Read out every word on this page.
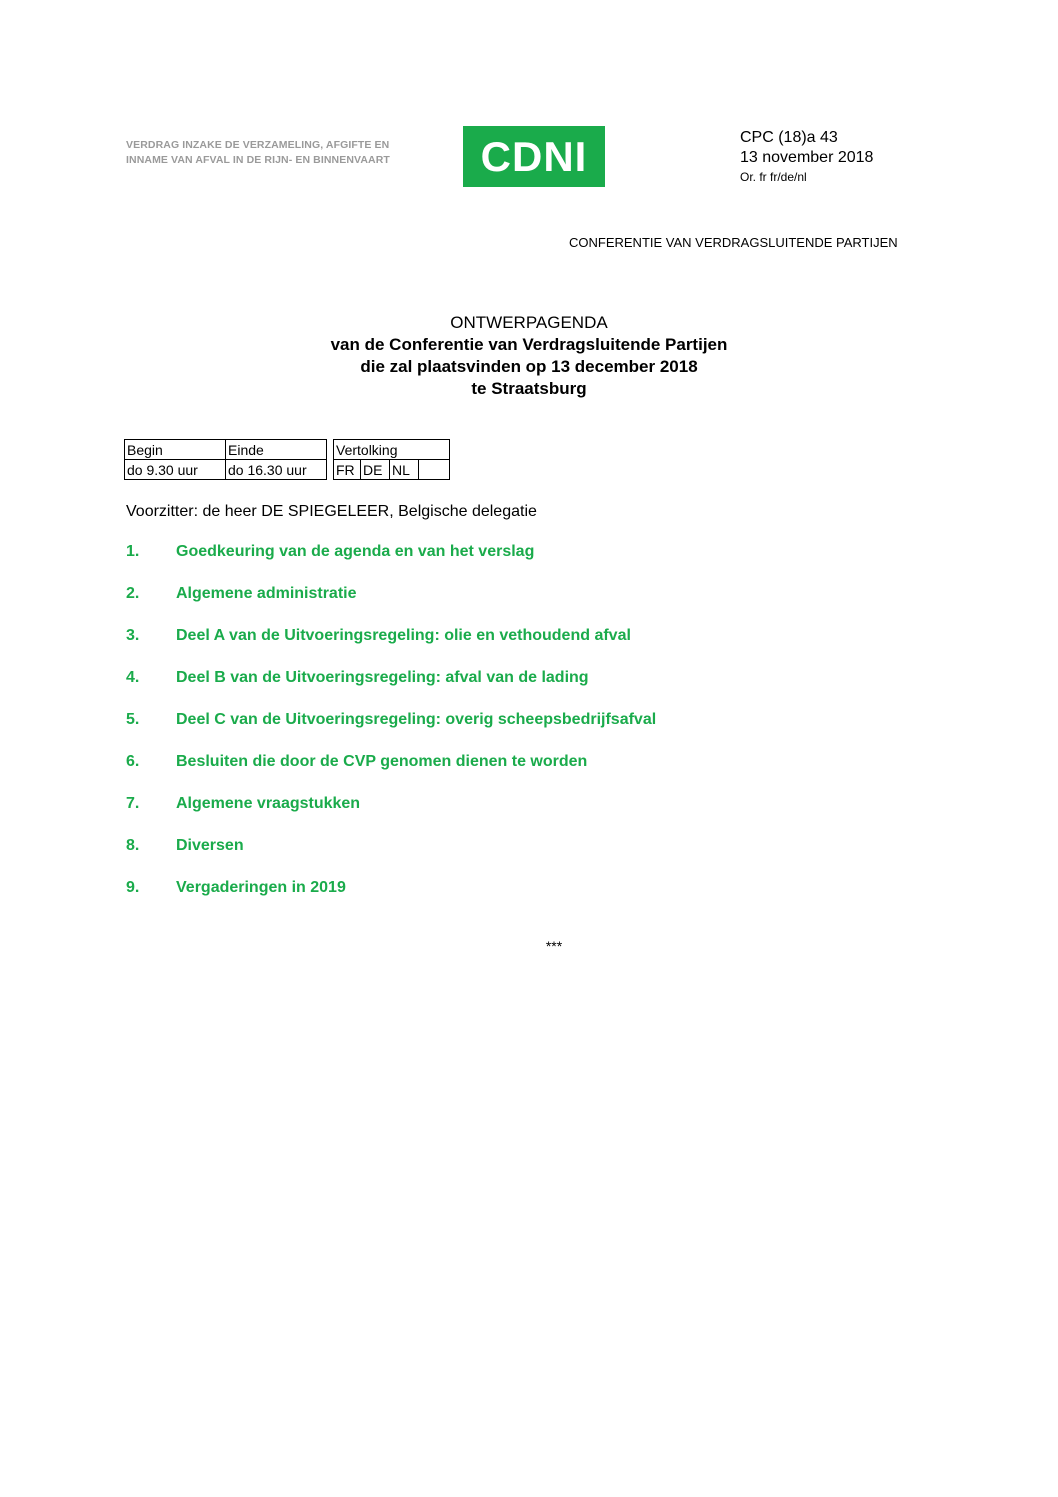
VERDRAG INZAKE DE VERZAMELING, AFGIFTE EN
INNAME VAN AFVAL IN DE RIJN- EN BINNENVAART	CDNI	CPC (18)a 43
13 november 2018
Or. fr fr/de/nl
CONFERENTIE VAN VERDRAGSLUITENDE PARTIJEN
ONTWERPAGENDA
van de Conferentie van Verdragsluitende Partijen
die zal plaatsvinden op 13 december 2018
te Straatsburg
Begin	Einde		Vertolking			
do 9.30 uur	do 16.30 uur		FR	DE	NL	
Voorzitter: de heer DE SPIEGELEER, Belgische delegatie
1.	Goedkeuring van de agenda en van het verslag
2.	Algemene administratie
3.	Deel A van de Uitvoeringsregeling: olie en vethoudend afval
4.	Deel B van de Uitvoeringsregeling: afval van de lading
5.	Deel C van de Uitvoeringsregeling: overig scheepsbedrijfsafval
6.	Besluiten die door de CVP genomen dienen te worden
7.	Algemene vraagstukken
8.	Diversen
9.	Vergaderingen in 2019
***
